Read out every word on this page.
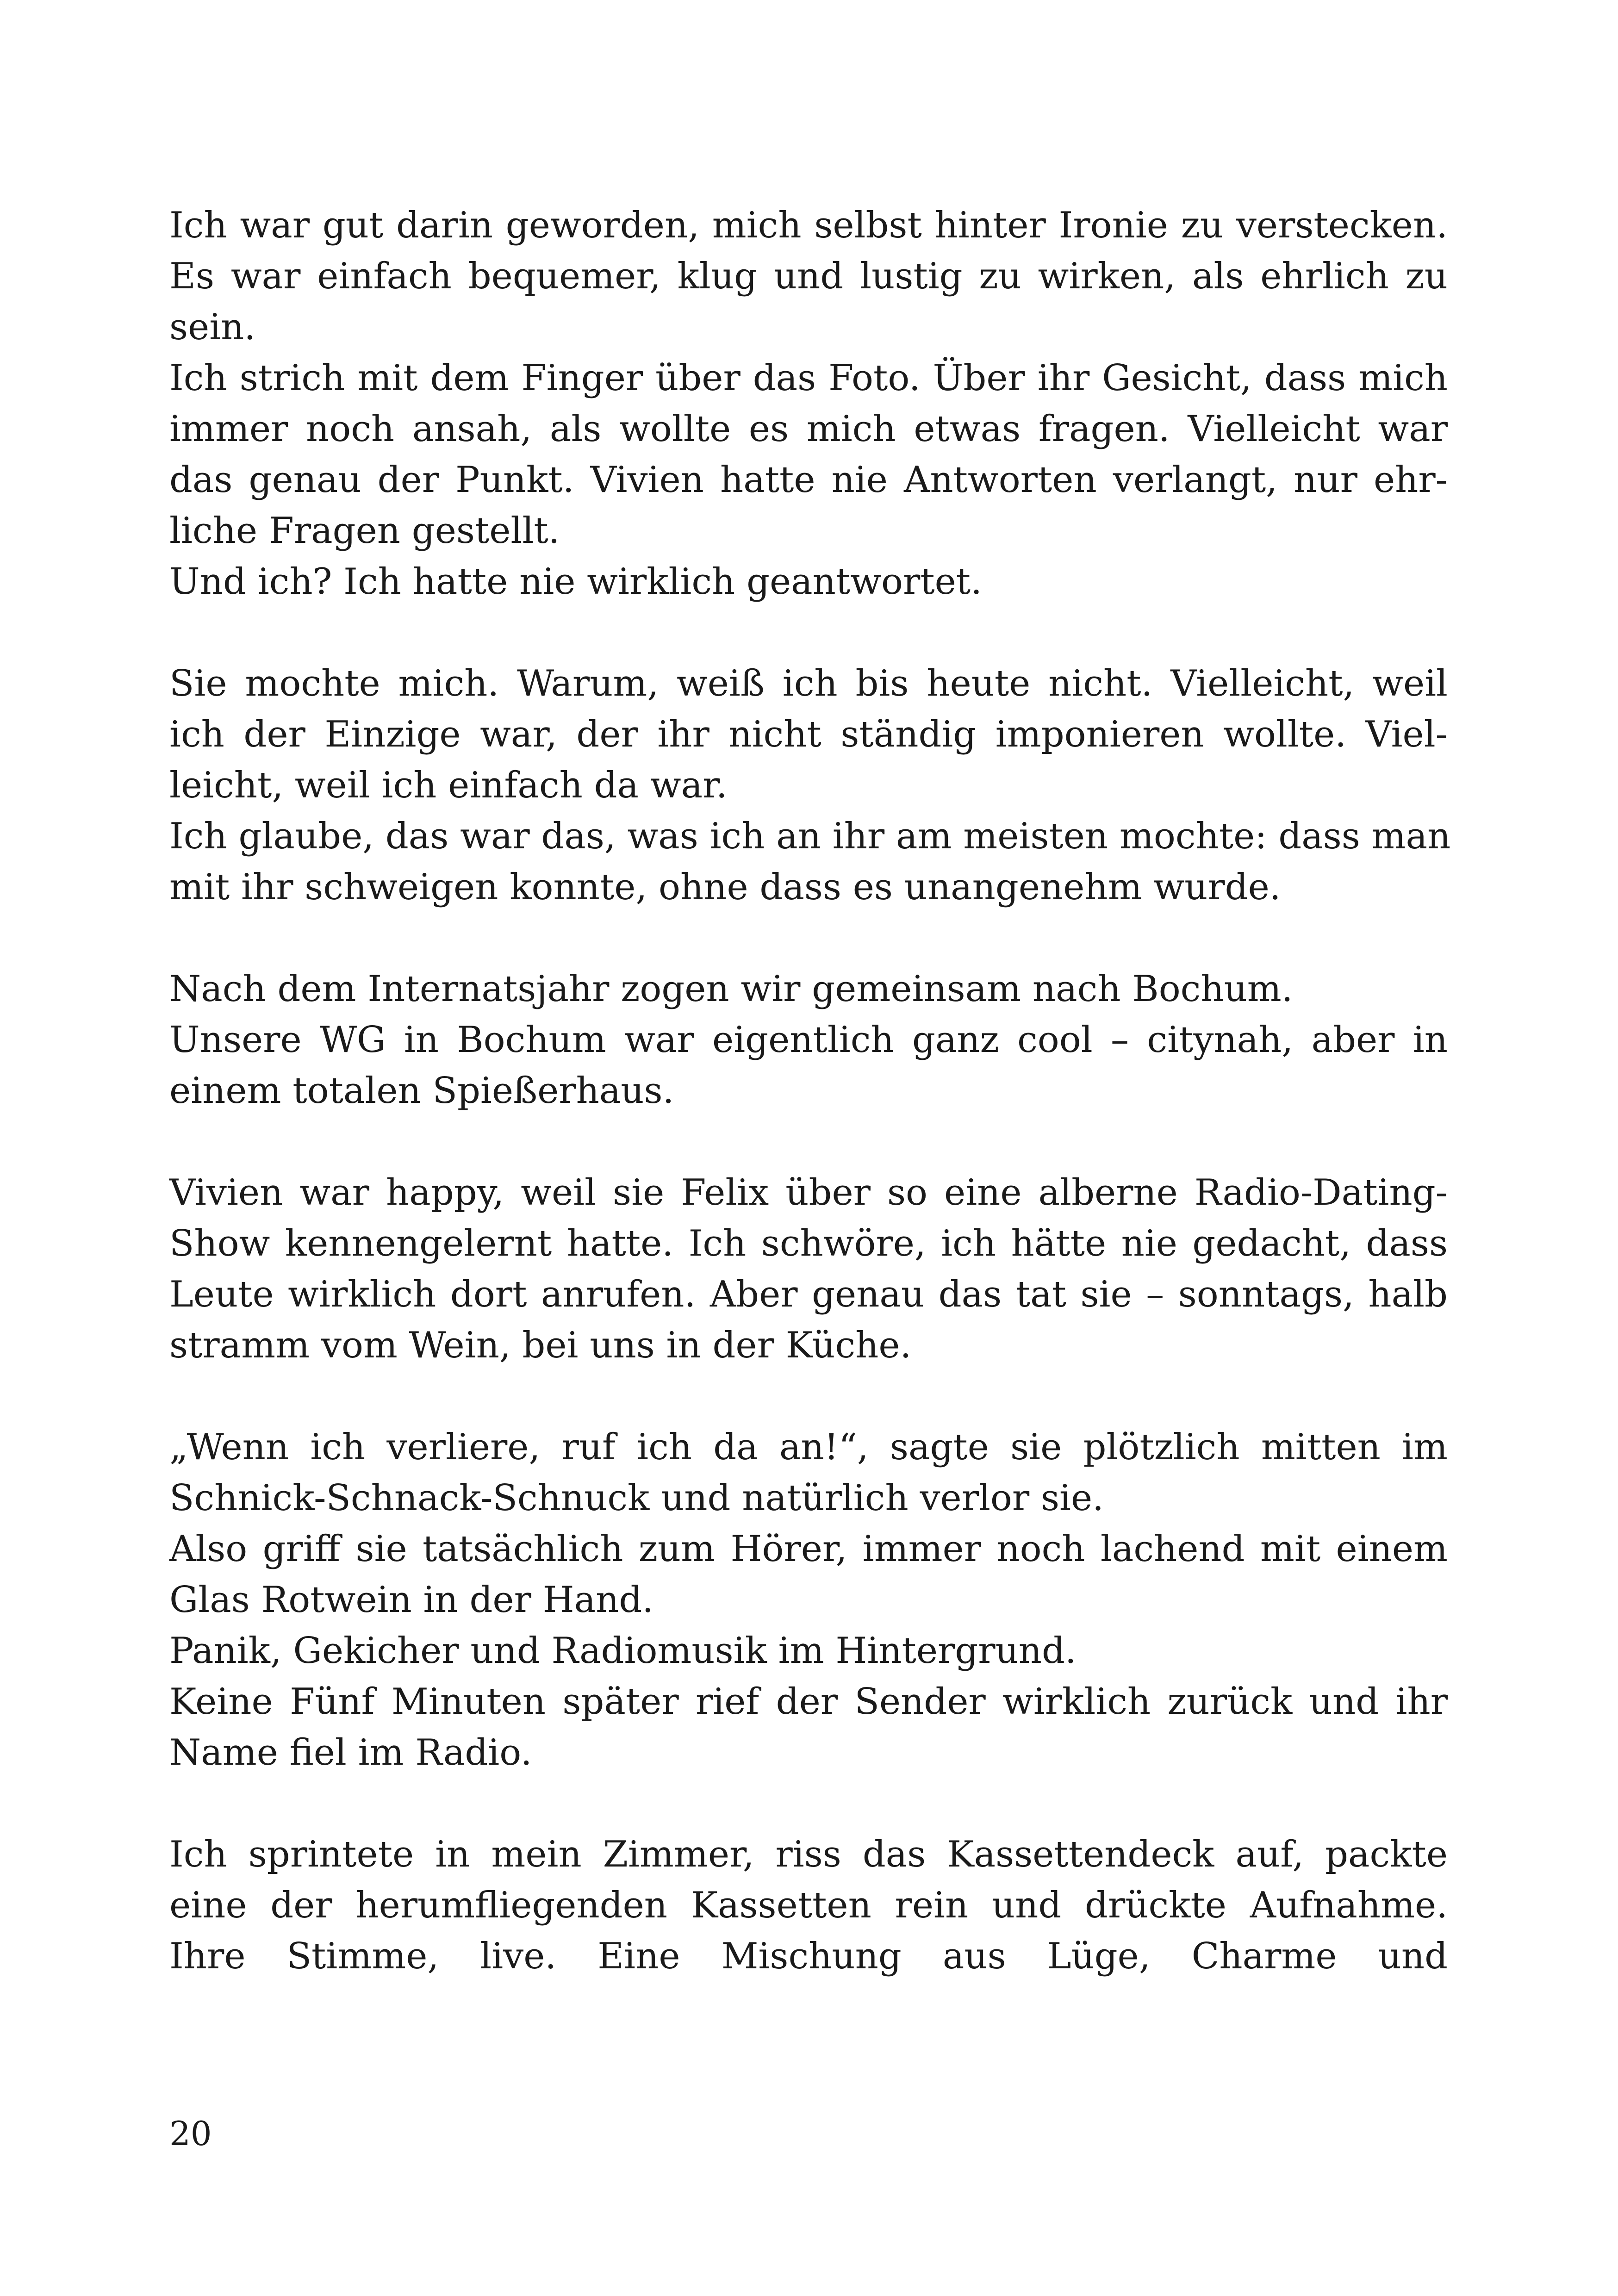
Ich war gut darin geworden, mich selbst hinter Ironie zu verstecken.
Es war einfach bequemer, klug und lustig zu wirken, als ehrlich zu
sein.
Ich strich mit dem Finger über das Foto. Über ihr Gesicht, dass mich
immer noch ansah, als wollte es mich etwas fragen. Vielleicht war
das genau der Punkt. Vivien hatte nie Antworten verlangt, nur ehr-
liche Fragen gestellt.
Und ich? Ich hatte nie wirklich geantwortet.
Sie mochte mich. Warum, weiß ich bis heute nicht. Vielleicht, weil
ich der Einzige war, der ihr nicht ständig imponieren wollte. Viel-
leicht, weil ich einfach da war.
Ich glaube, das war das, was ich an ihr am meisten mochte: dass man
mit ihr schweigen konnte, ohne dass es unangenehm wurde.
Nach dem Internatsjahr zogen wir gemeinsam nach Bochum.
Unsere WG in Bochum war eigentlich ganz cool – citynah, aber in
einem totalen Spießerhaus.
Vivien war happy, weil sie Felix über so eine alberne Radio-Dating-
Show kennengelernt hatte. Ich schwöre, ich hätte nie gedacht, dass
Leute wirklich dort anrufen. Aber genau das tat sie – sonntags, halb
stramm vom Wein, bei uns in der Küche.
„Wenn ich verliere, ruf ich da an!“, sagte sie plötzlich mitten im
Schnick-Schnack-Schnuck und natürlich verlor sie.
Also griff sie tatsächlich zum Hörer, immer noch lachend mit einem
Glas Rotwein in der Hand.
Panik, Gekicher und Radiomusik im Hintergrund.
Keine Fünf Minuten später rief der Sender wirklich zurück und ihr
Name fiel im Radio.
Ich sprintete in mein Zimmer, riss das Kassettendeck auf, packte
eine der herumfliegenden Kassetten rein und drückte Aufnahme.
Ihre Stimme, live. Eine Mischung aus Lüge, Charme und
20
